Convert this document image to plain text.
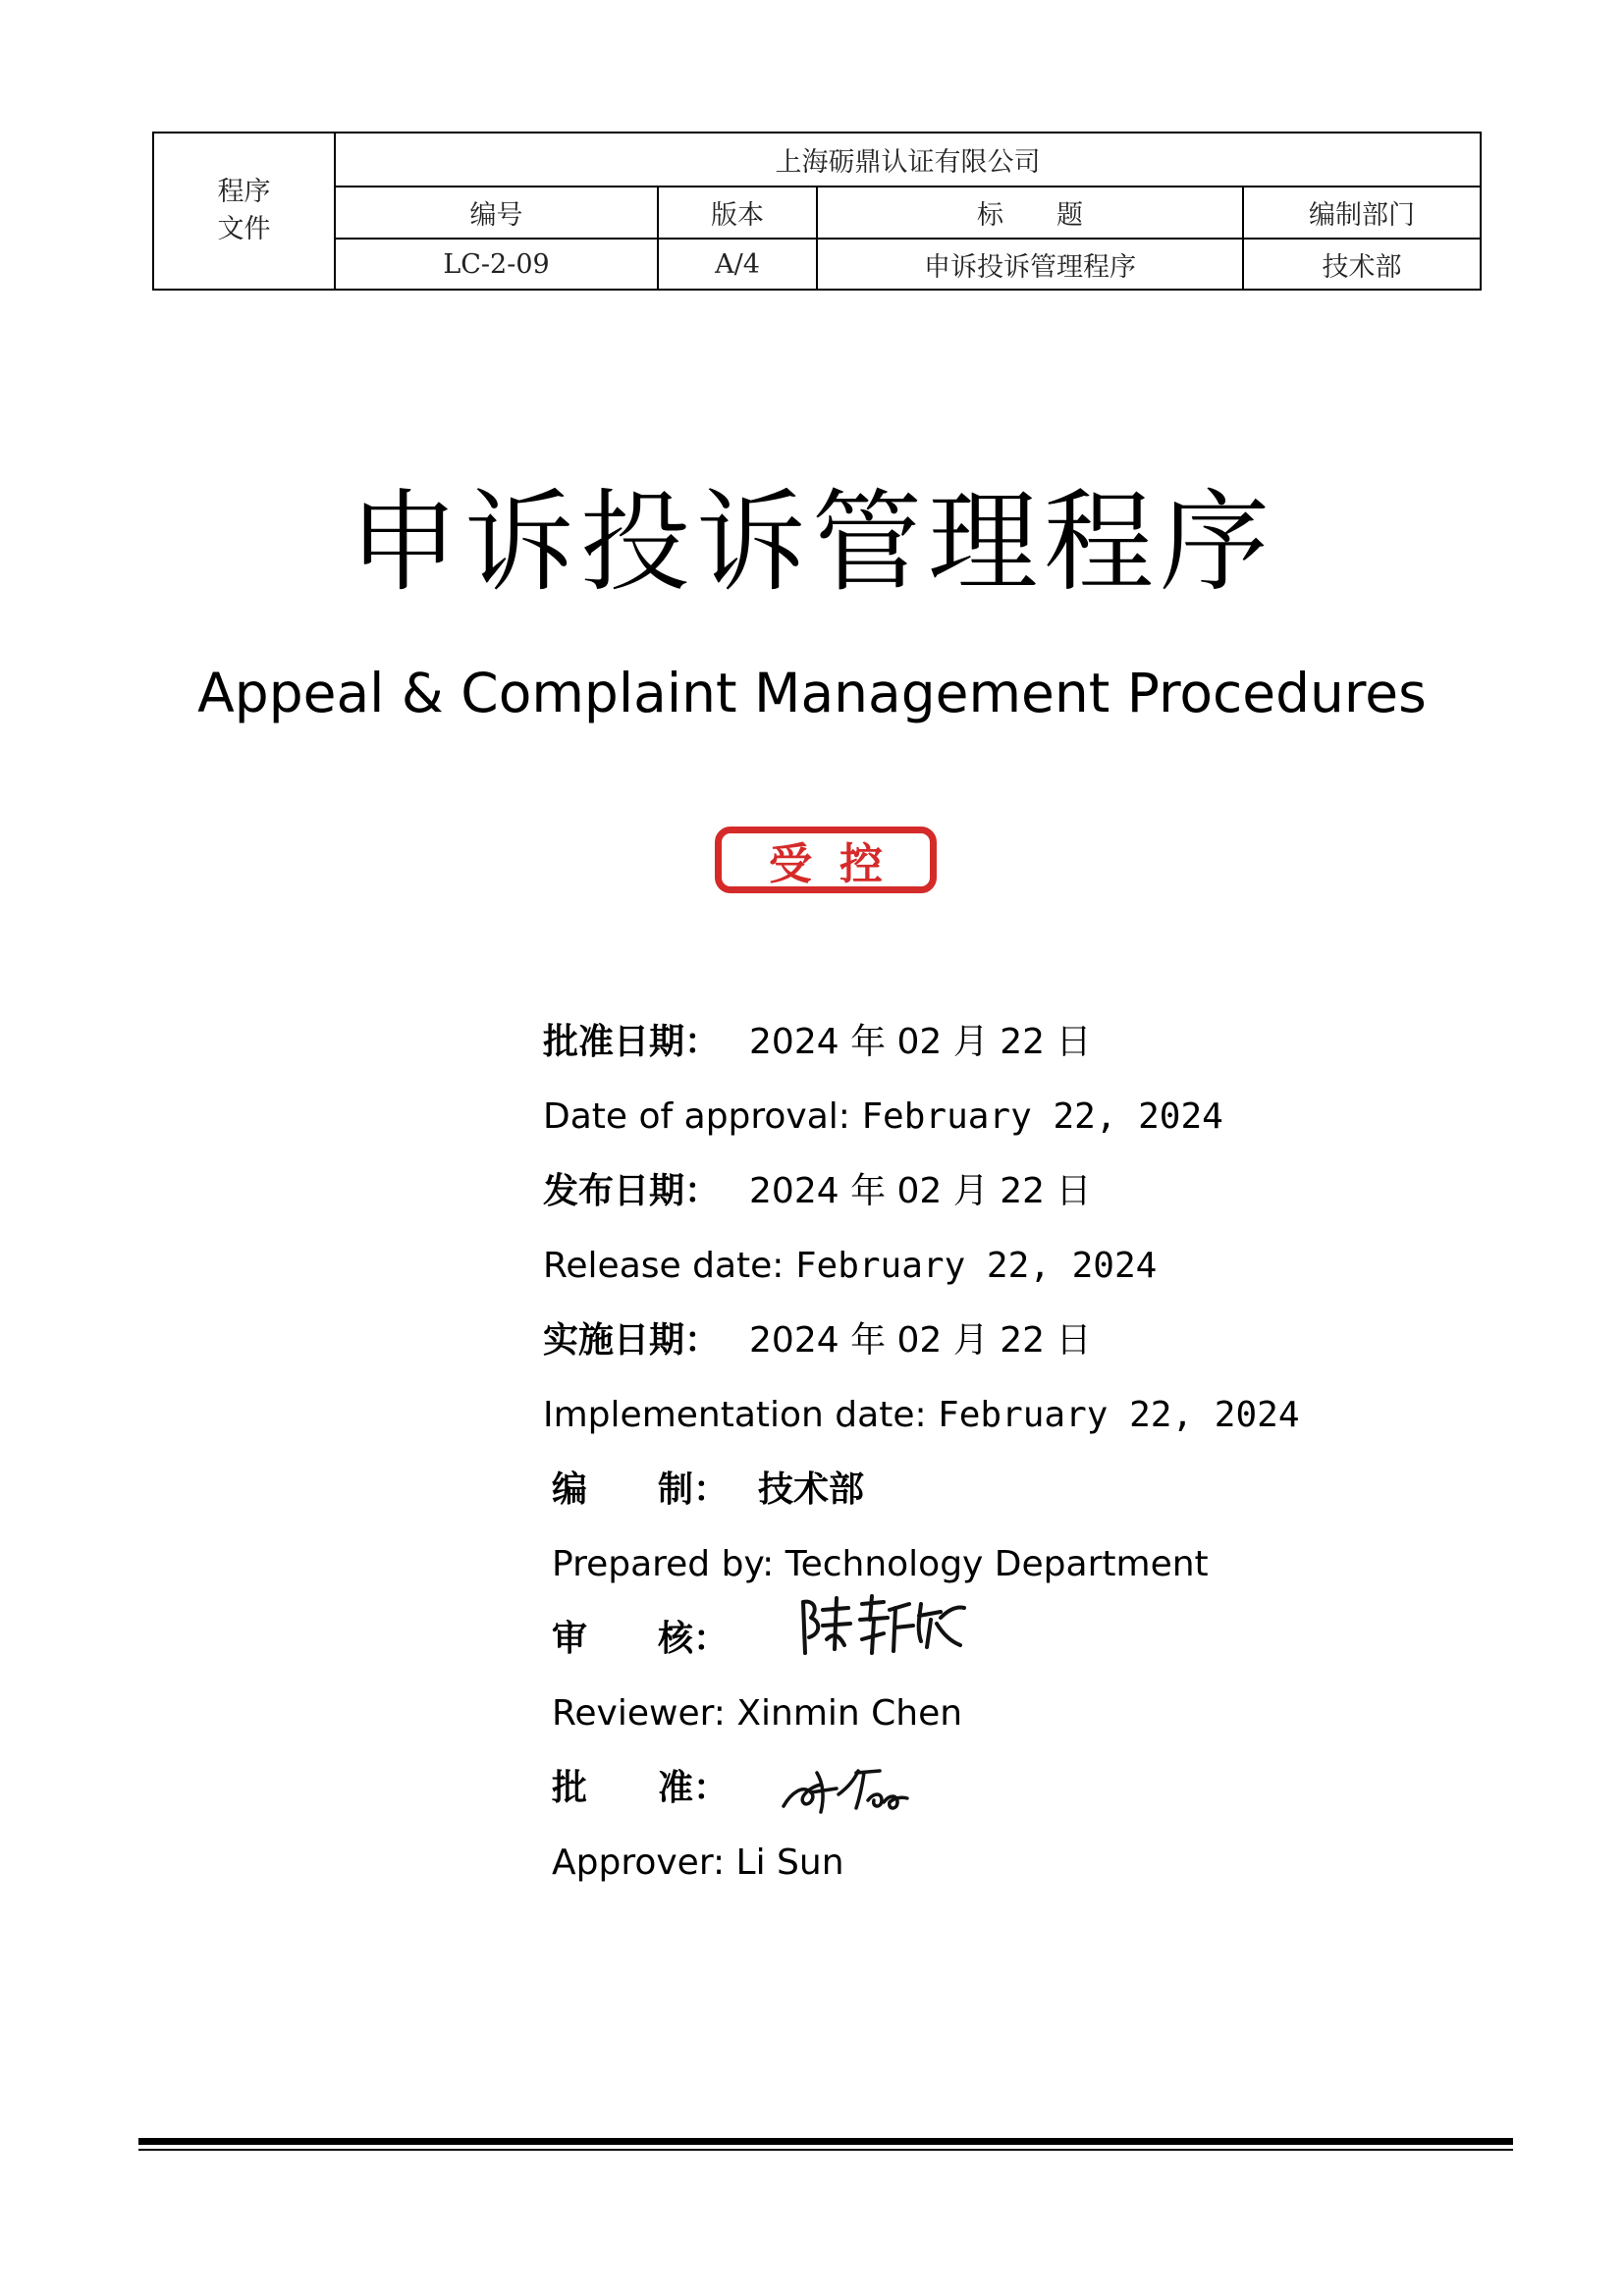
程序
文件
上海砺鼎认证有限公司
编号	版本	标　　题	编制部门
LC-2-09	A/4	申诉投诉管理程序	技术部
申诉投诉管理程序
Appeal & Complaint Management Procedures
受控
批准日期： 2024 年 02 月 22 日
Date of approval: February 22, 2024
发布日期： 2024 年 02 月 22 日
Release date: February 22, 2024
实施日期： 2024 年 02 月 22 日
Implementation date: February 22, 2024
编　　制： 技术部
Prepared by: Technology Department
审　　核：
Reviewer: Xinmin Chen
批　　准：
Approver: Li Sun
